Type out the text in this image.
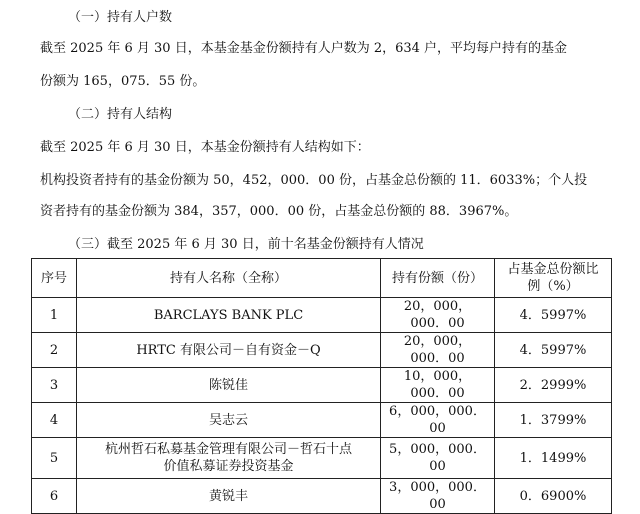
（一）持有人户数
截至 2025 年 6 月 30 日，本基金基金份额持有人户数为 2，634 户，平均每户持有的基金
份额为 165，075．55 份。
（二）持有人结构
截至 2025 年 6 月 30 日，本基金份额持有人结构如下：
机构投资者持有的基金份额为 50，452，000．00 份，占基金总份额的 11．6033%；个人投
资者持有的基金份额为 384，357，000．00 份，占基金总份额的 88．3967%。
（三）截至 2025 年 6 月 30 日，前十名基金份额持有人情况
序号	持有人名称（全称）	持有份额（份）	占基金总份额比
例（%）

1	BARCLAYS BANK PLC	20，000，000．00	4．5997%
2	HRTC 有限公司－自有资金－Q	20，000，000．00	4．5997%
3	陈锐佳	10，000，000．00	2．2999%
4	吴志云	6，000，000．00	1．3799%
5	杭州哲石私募基金管理有限公司－哲石十点
价值私募证券投资基金	5，000，000．00	1．1499%
6	黄锐丰	3，000，000．00	0．6900%
